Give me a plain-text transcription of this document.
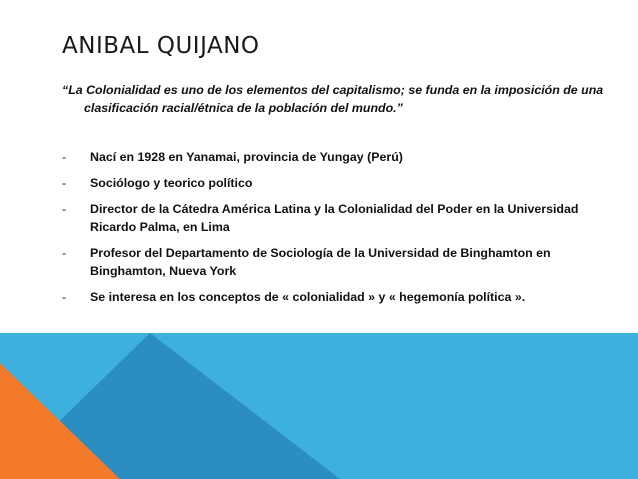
ANIBAL QUIJANO
“La Colonialidad es uno de los elementos del capitalismo; se funda en la imposición de una clasificación racial/étnica de la población del mundo.”
- Nací en 1928 en Yanamai, provincia de Yungay (Perú)
- Sociólogo y teorico político
- Director de la Cátedra América Latina y la Colonialidad del Poder en la Universidad Ricardo Palma, en Lima
- Profesor del Departamento de Sociología de la Universidad de Binghamton en Binghamton, Nueva York
- Se interesa en los conceptos de « colonialidad » y « hegemonía política ».
